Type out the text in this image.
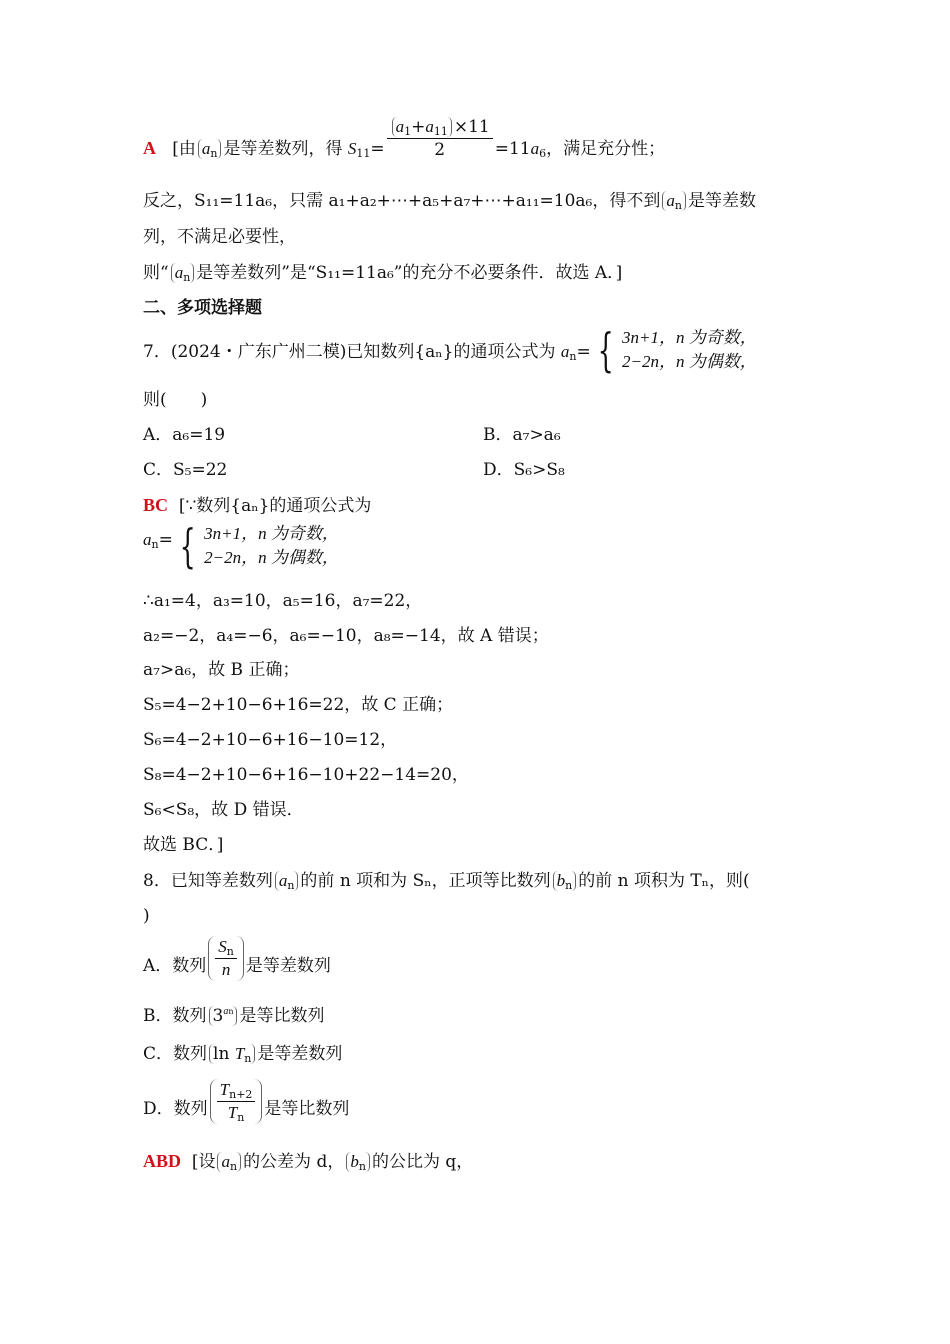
A [由 $a_n$ 是等差数列，得 $S_{11}= \frac{a_1+a_{11} \times 11}{2} =11a_6$，满足充分性；
反之，S₁₁=11a₆，只需 a₁+a₂+⋯+a₅+a₇+⋯+a₁₁=10a₆，得不到 $a_n$ 是等差数
列，不满足必要性，
则“ $a_n$ 是等差数列”是“S₁₁=11a₆”的充分不必要条件．故选 A．]
二、多项选择题
7．(2024・广东广州二模)已知数列{aₙ}的通项公式为 $a_n=$ { 3n+1，n 为奇数，
2−2n，n 为偶数，
则(　　)
A．a₆=19	B．a₇>a₆
C．S₅=22	D．S₆>S₈
BC [∵数列{aₙ}的通项公式为
$a_n=$ { 3n+1，n 为奇数，
2−2n，n 为偶数，
∴a₁=4，a₃=10，a₅=16，a₇=22，
a₂=−2，a₄=−6，a₆=−10，a₈=−14，故 A 错误；
a₇>a₆，故 B 正确；
S₅=4−2+10−6+16=22，故 C 正确；
S₆=4−2+10−6+16−10=12，
S₈=4−2+10−6+16−10+22−14=20，
S₆<S₈，故 D 错误．
故选 BC．]
8．已知等差数列 $a_n$ 的前 n 项和为 Sₙ，正项等比数列 $b_n$ 的前 n 项积为 Tₙ，则(
)
A．数列 $\frac{S_n}{n}$ 是等差数列
B．数列 $3^{an}$ 是等比数列
C．数列 $\ln T_n$ 是等差数列
D．数列 $\frac{T_{n+2}}{T_n}$ 是等比数列
ABD [设 $a_n$ 的公差为 d， $b_n$ 的公比为 q，
